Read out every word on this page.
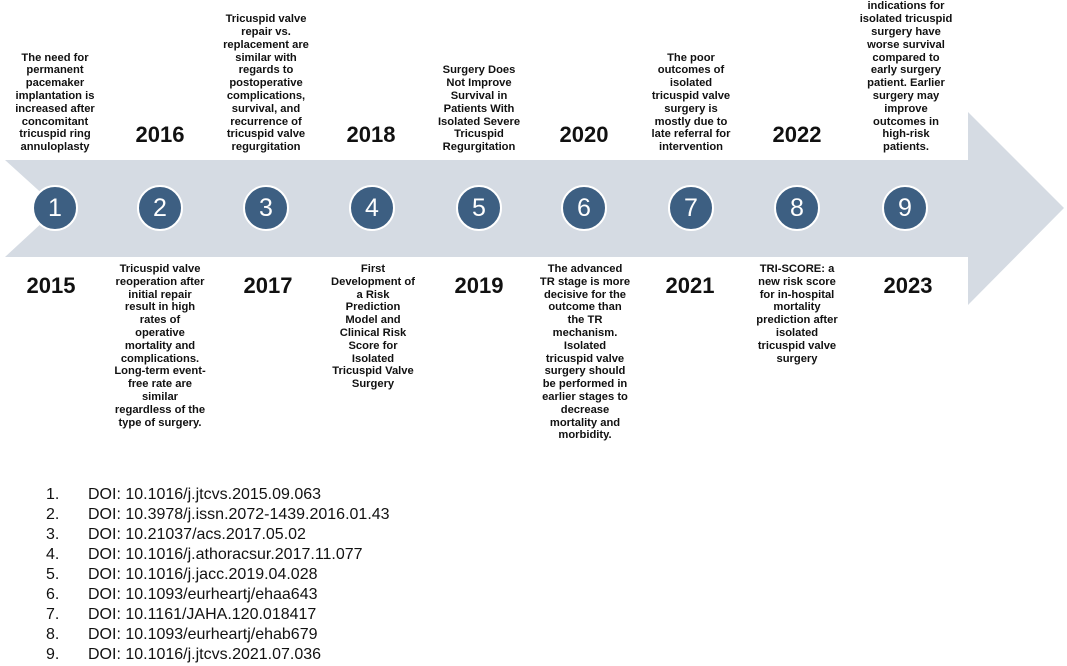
1
2015
The need for permanent pacemaker implantation is increased after concomitant tricuspid ring annuloplasty
2
2016
Tricuspid valve reoperation after initial repair result in high rates of operative mortality and complications. Long-term event-free rate are similar regardless of the type of surgery.
3
2017
Tricuspid valve repair vs. replacement are similar with regards to postoperative complications, survival, and recurrence of tricuspid valve regurgitation
4
2018
First Development of a Risk Prediction Model and Clinical Risk Score for Isolated Tricuspid Valve Surgery
5
2019
Surgery Does Not Improve Survival in Patients With Isolated Severe Tricuspid Regurgitation
6
2020
The advanced TR stage is more decisive for the outcome than the TR mechanism. Isolated tricuspid valve surgery should be performed in earlier stages to decrease mortality and morbidity.
7
2021
The poor outcomes of isolated tricuspid valve surgery is mostly due to late referral for intervention
8
2022
TRI-SCORE: a new risk score for in-hospital mortality prediction after isolated tricuspid valve surgery
9
2023
indications for isolated tricuspid surgery have worse survival compared to early surgery patient. Earlier surgery may improve outcomes in high-risk patients.
1.	DOI: 10.1016/j.jtcvs.2015.09.063
2.	DOI: 10.3978/j.issn.2072-1439.2016.01.43
3.	DOI: 10.21037/acs.2017.05.02
4.	DOI: 10.1016/j.athoracsur.2017.11.077
5.	DOI: 10.1016/j.jacc.2019.04.028
6.	DOI: 10.1093/eurheartj/ehaa643
7.	DOI: 10.1161/JAHA.120.018417
8.	DOI: 10.1093/eurheartj/ehab679
9.	DOI: 10.1016/j.jtcvs.2021.07.036
